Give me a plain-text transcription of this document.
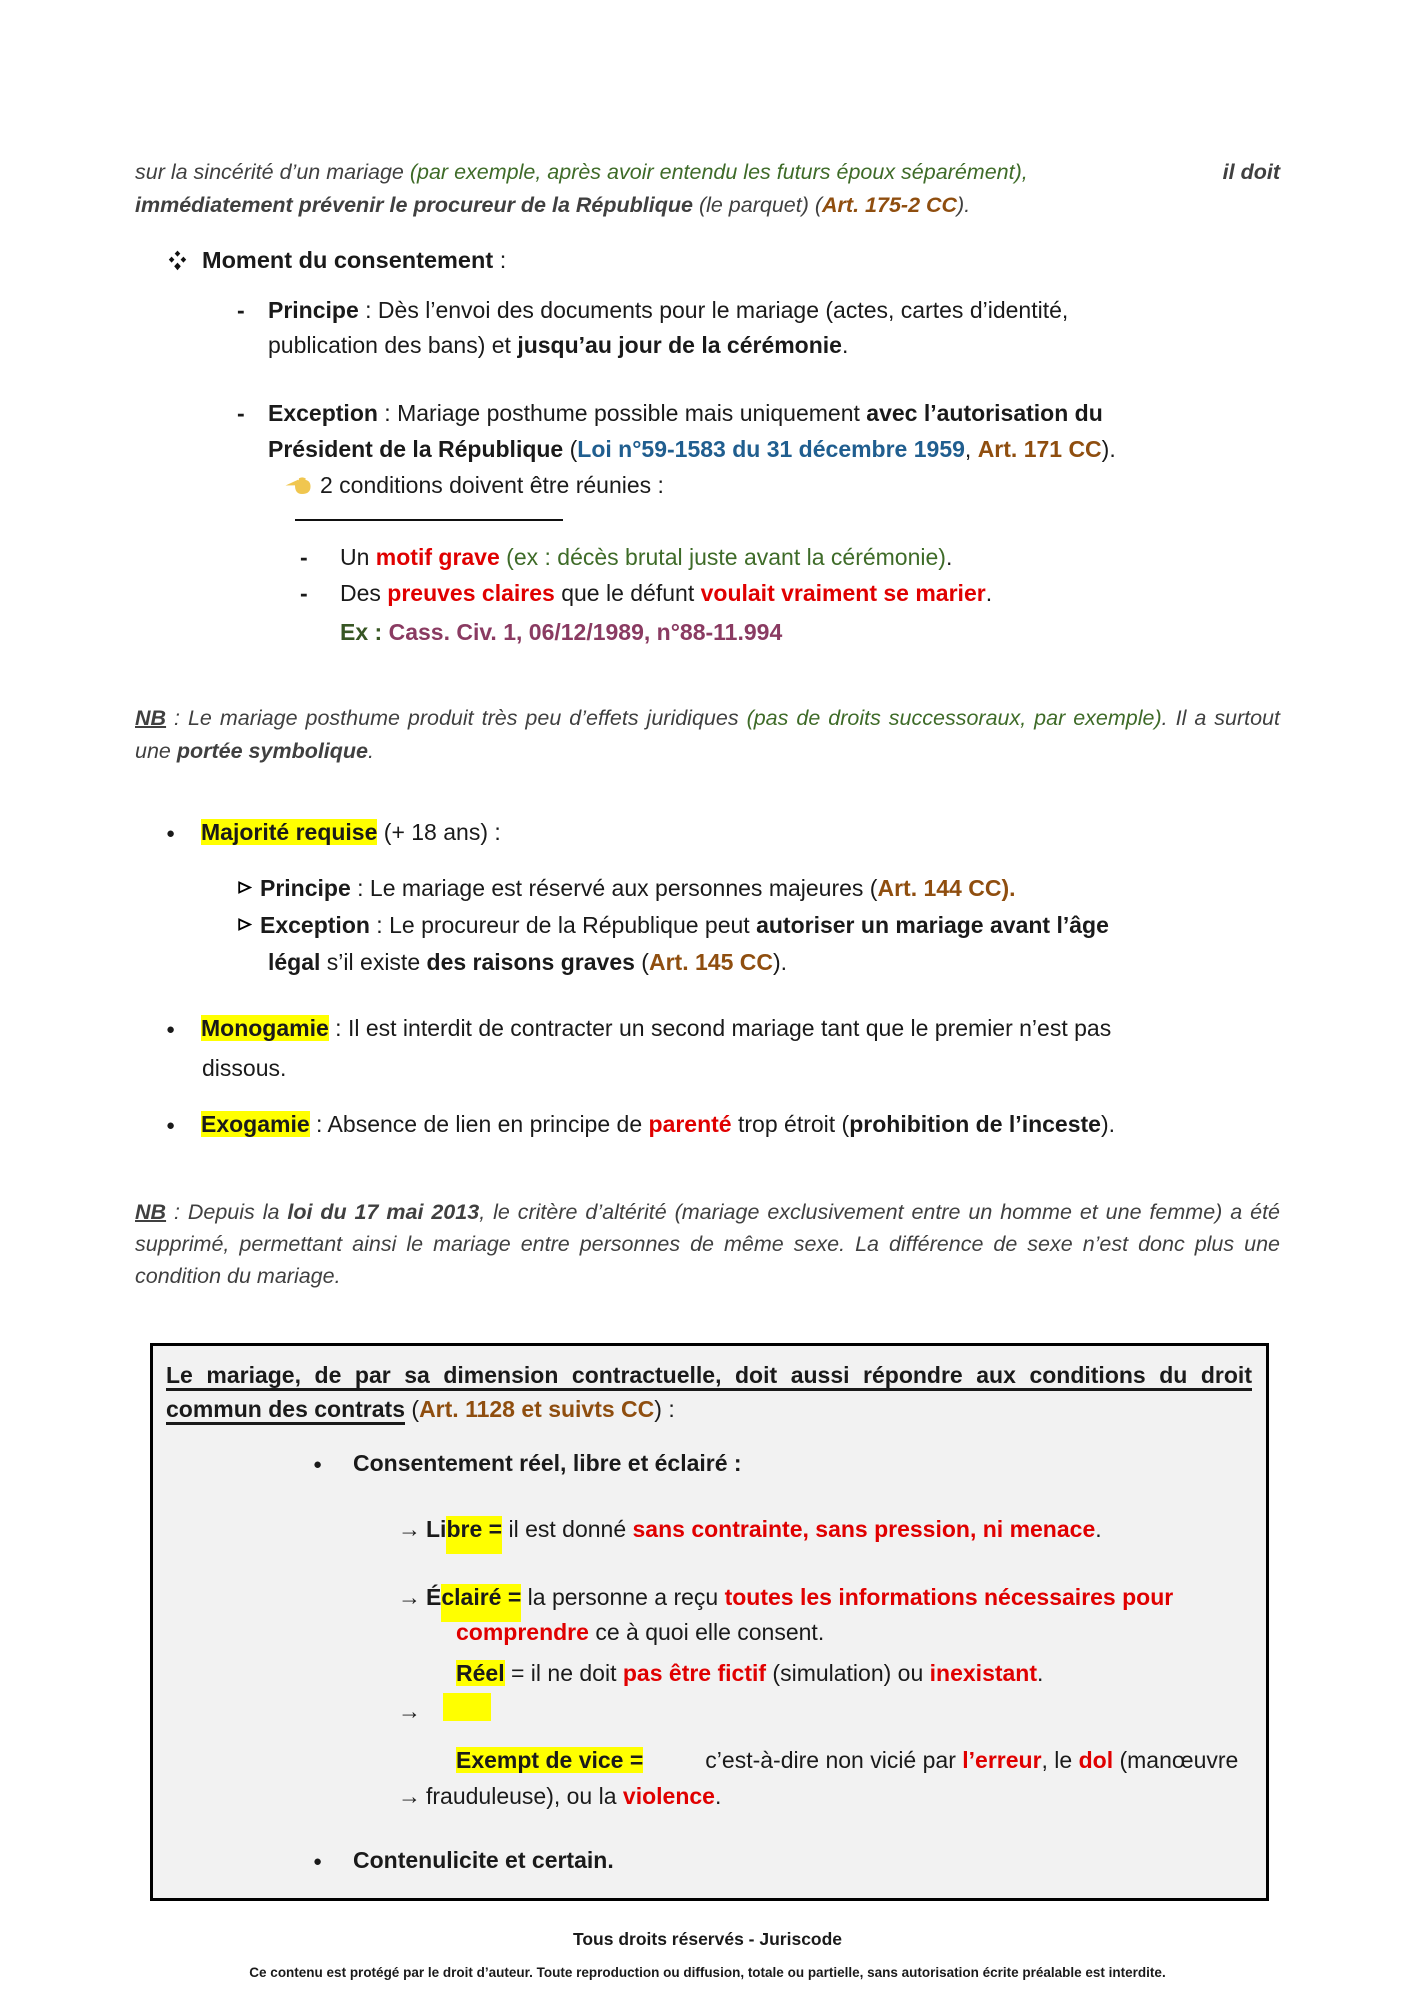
sur la sincérité d’un mariage (par exemple, après avoir entendu les futurs époux séparément),	il doit
immédiatement prévenir le procureur de la République (le parquet) (Art. 175-2 CC).
Moment du consentement :
-	Principe : Dès l’envoi des documents pour le mariage (actes, cartes d’identité,
publication des bans) et jusqu’au jour de la cérémonie.
-	Exception : Mariage posthume possible mais uniquement avec l’autorisation du
Président de la République (Loi n°59-1583 du 31 décembre 1959, Art. 171 CC).
2 conditions doivent être réunies :
-	Un motif grave (ex : décès brutal juste avant la cérémonie).
-	Des preuves claires que le défunt voulait vraiment se marier.
Ex : Cass. Civ. 1, 06/12/1989, n°88-11.994
NB : Le mariage posthume produit très peu d’effets juridiques (pas de droits successoraux, par exemple). Il a surtout une portée symbolique.
●	Majorité requise (+ 18 ans) :
Principe : Le mariage est réservé aux personnes majeures (Art. 144 CC).
Exception : Le procureur de la République peut autoriser un mariage avant l’âge
légal s’il existe des raisons graves (Art. 145 CC).
●	Monogamie : Il est interdit de contracter un second mariage tant que le premier n’est pas
dissous.
●	Exogamie : Absence de lien en principe de parenté trop étroit (prohibition de l’inceste).
NB : Depuis la loi du 17 mai 2013, le critère d’altérité (mariage exclusivement entre un homme et une femme) a été supprimé, permettant ainsi le mariage entre personnes de même sexe. La différence de sexe n’est donc plus une condition du mariage.
Le mariage, de par sa dimension contractuelle, doit aussi répondre aux conditions du droit commun des contrats (Art. 1128 et suivts CC) :
●	Consentement réel, libre et éclairé :
→ Libre = il est donné sans contrainte, sans pression, ni menace.
→ Éclairé = la personne a reçu toutes les informations nécessaires pour
comprendre ce à quoi elle consent.
Réel = il ne doit pas être fictif (simulation) ou inexistant.
→
Exempt de vice =	c’est-à-dire non vicié par l’erreur, le dol (manœuvre
→ frauduleuse), ou la violence.
●	Contenulicite et certain.
Tous droits réservés - Juriscode
Ce contenu est protégé par le droit d’auteur. Toute reproduction ou diffusion, totale ou partielle, sans autorisation écrite préalable est interdite.
